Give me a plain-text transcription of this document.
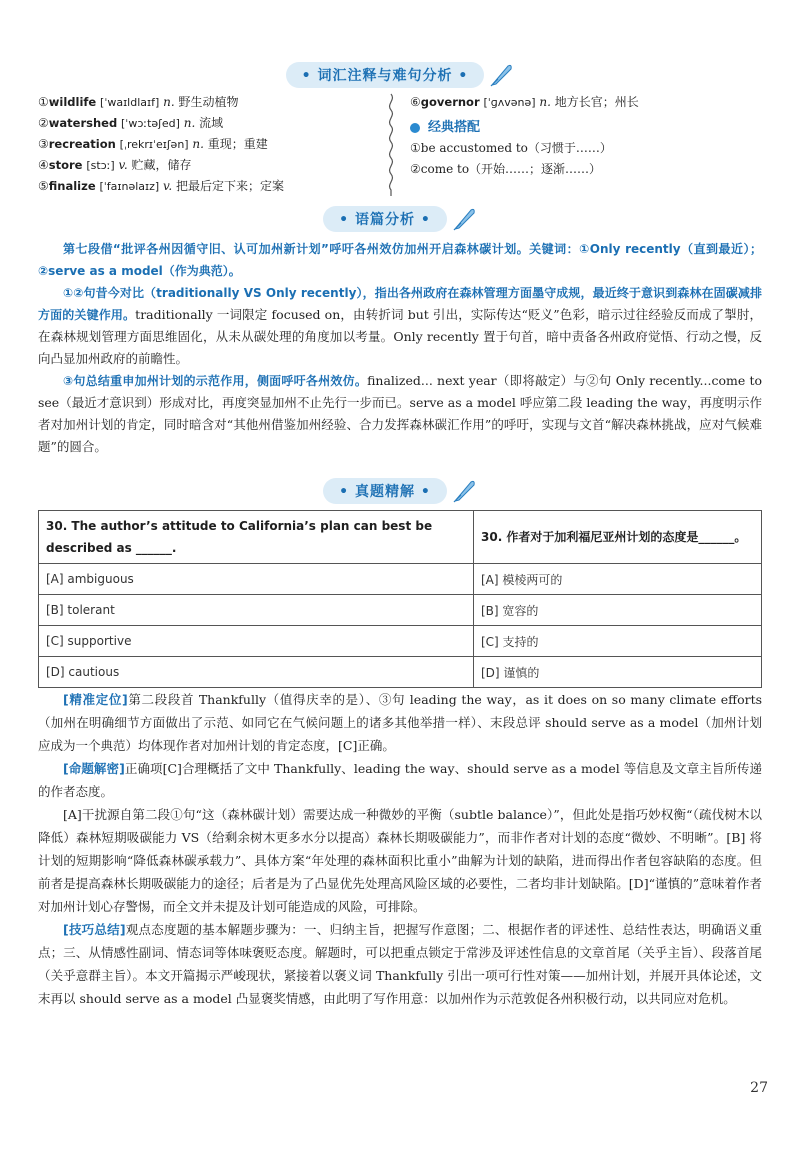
• 词汇注释与难句分析 •
①wildlife [ˈwaɪldlaɪf] n. 野生动植物
②watershed [ˈwɔːtəʃed] n. 流域
③recreation [ˌrekrɪˈeɪʃən] n. 重现；重建
④store [stɔː] v. 贮藏，储存
⑤finalize [ˈfaɪnəlaɪz] v. 把最后定下来；定案
⑥governor [ˈɡʌvənə] n. 地方长官；州长
经典搭配
①be accustomed to（习惯于……）
②come to（开始……；逐渐……）
• 语篇分析 •

第七段借“批评各州因循守旧、认可加州新计划”呼吁各州效仿加州开启森林碳计划。关键词：①Only recently（直到最近）；②serve as a model（作为典范）。

①②句昔今对比（traditionally VS Only recently），指出各州政府在森林管理方面墨守成规，最近终于意识到森林在固碳减排方面的关键作用。traditionally 一词限定 focused on，由转折词 but 引出，实际传达“贬义”色彩，暗示过往经验反而成了掣肘，在森林规划管理方面思维固化，从未从碳处理的角度加以考量。Only recently 置于句首，暗中责备各州政府觉悟、行动之慢，反向凸显加州政府的前瞻性。

③句总结重申加州计划的示范作用，侧面呼吁各州效仿。finalized... next year（即将敲定）与②句 Only recently...come to see（最近才意识到）形成对比，再度突显加州不止先行一步而已。serve as a model 呼应第二段 leading the way，再度明示作者对加州计划的肯定，同时暗含对“其他州借鉴加州经验、合力发挥森林碳汇作用”的呼吁，实现与文首“解决森林挑战，应对气候难题”的圆合。

• 真题精解 •
30. The author’s attitude to California’s plan can best be described as ______.	30. 作者对于加利福尼亚州计划的态度是______。
[A] ambiguous	[A] 模棱两可的
[B] tolerant	[B] 宽容的
[C] supportive	[C] 支持的
[D] cautious	[D] 谨慎的

[精准定位]第二段段首 Thankfully（值得庆幸的是）、③句 leading the way，as it does on so many climate efforts（加州在明确细节方面做出了示范、如同它在气候问题上的诸多其他举措一样）、末段总评 should serve as a model（加州计划应成为一个典范）均体现作者对加州计划的肯定态度，[C]正确。

[命题解密]正确项[C]合理概括了文中 Thankfully、leading the way、should serve as a model 等信息及文章主旨所传递的作者态度。

[A]干扰源自第二段①句“这（森林碳计划）需要达成一种微妙的平衡（subtle balance）”，但此处是指巧妙权衡“（疏伐树木以降低）森林短期吸碳能力 VS（给剩余树木更多水分以提高）森林长期吸碳能力”，而非作者对计划的态度“微妙、不明晰”。[B] 将计划的短期影响“降低森林碳承载力”、具体方案“年处理的森林面积比重小”曲解为计划的缺陷，进而得出作者包容缺陷的态度。但前者是提高森林长期吸碳能力的途径；后者是为了凸显优先处理高风险区域的必要性，二者均非计划缺陷。[D]“谨慎的”意味着作者对加州计划心存警惕，而全文并未提及计划可能造成的风险，可排除。

[技巧总结]观点态度题的基本解题步骤为：一、归纳主旨，把握写作意图；二、根据作者的评述性、总结性表达，明确语义重点；三、从情感性副词、情态词等体味褒贬态度。解题时，可以把重点锁定于常涉及评述性信息的文章首尾（关乎主旨）、段落首尾（关乎意群主旨）。本文开篇揭示严峻现状，紧接着以褒义词 Thankfully 引出一项可行性对策——加州计划，并展开具体论述，文末再以 should serve as a model 凸显褒奖情感，由此明了写作用意：以加州作为示范敦促各州积极行动，以共同应对危机。

27
